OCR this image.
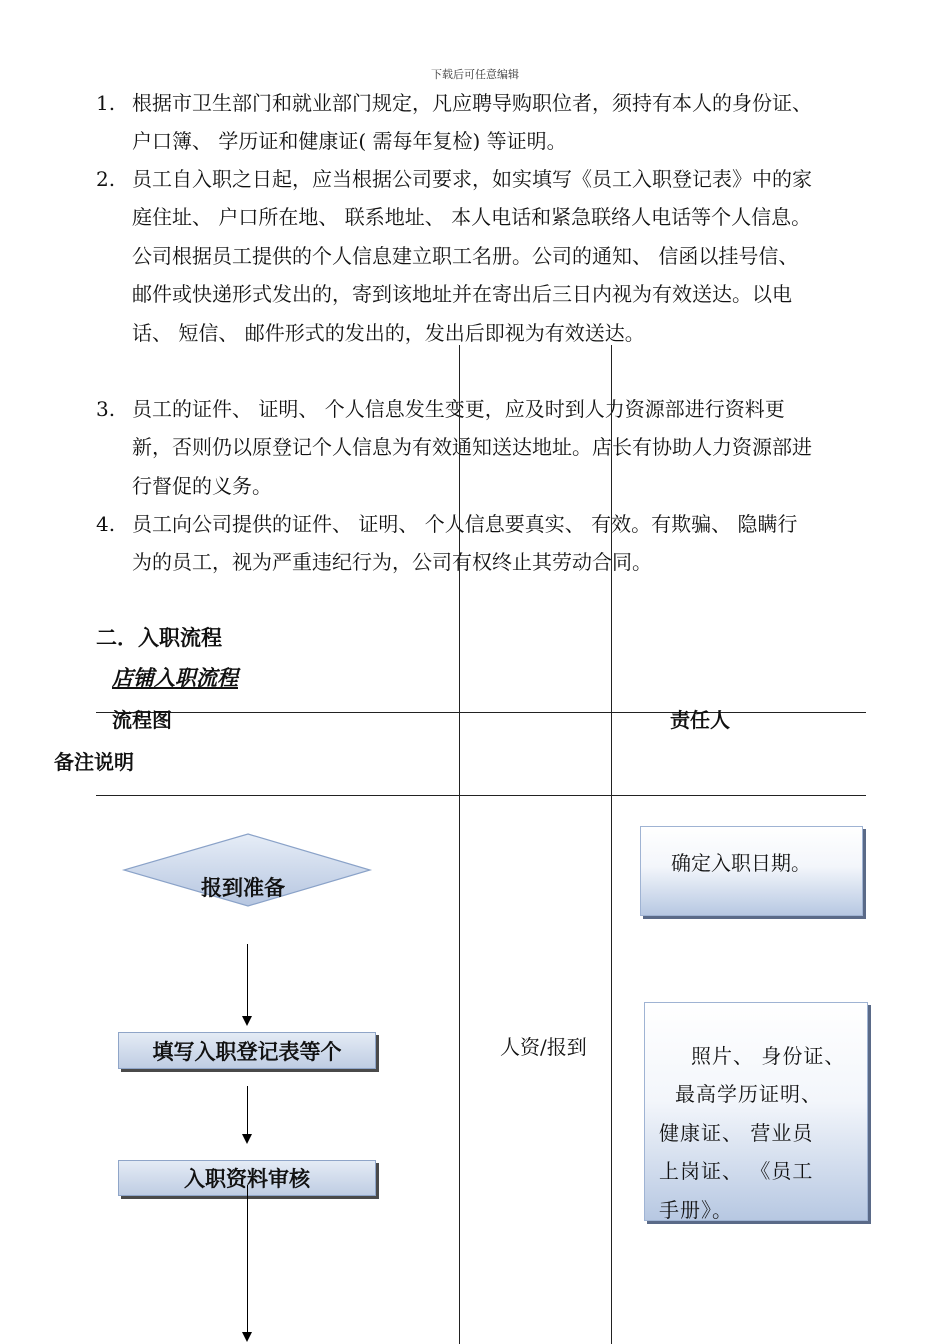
下载后可任意编辑
1. 根据市卫生部门和就业部门规定，凡应聘导购职位者，须持有本人的身份证、 户口簿、 学历证和健康证( 需每年复检) 等证明。
2. 员工自入职之日起，应当根据公司要求，如实填写《员工入职登记表》中的家庭住址、 户口所在地、 联系地址、 本人电话和紧急联络人电话等个人信息。公司根据员工提供的个人信息建立职工名册。公司的通知、 信函以挂号信、 邮件或快递形式发出的，寄到该地址并在寄出后三日内视为有效送达。以电话、 短信、 邮件形式的发出的，发出后即视为有效送达。
3. 员工的证件、 证明、 个人信息发生变更，应及时到人力资源部进行资料更新，否则仍以原登记个人信息为有效通知送达地址。店长有协助人力资源部进行督促的义务。
4. 员工向公司提供的证件、 证明、 个人信息要真实、 有效。有欺骗、 隐瞒行为的员工，视为严重违纪行为，公司有权终止其劳动合同。
二．入职流程
店铺入职流程
流程图	责任人
备注说明
报到准备
填写入职登记表等个
入职资料审核
人资/报到
确定入职日期。
照片、 身份证、
最高学历证明、
健康证、 营业员
上岗证、 《员工
手册》。
